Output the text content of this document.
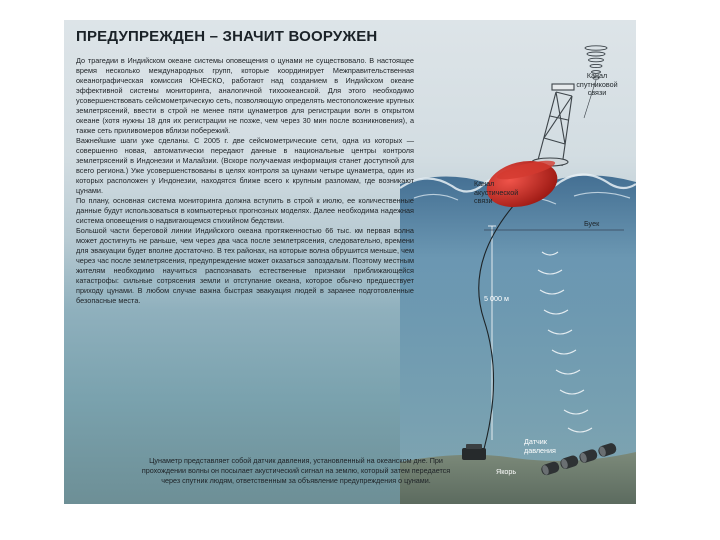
ПРЕДУПРЕЖДЕН – ЗНАЧИТ ВООРУЖЕН

До трагедии в Индийском океане системы оповещения о цунами не существовало. В настоящее время несколько международных групп, которые координирует Межправительственная океанографическая комиссия ЮНЕСКО, работают над созданием в Индийском океане эффективной системы мониторинга, аналогичной тихоокеанской. Для этого необходимо усовершенствовать сейсмометрическую сеть, позволяющую определять местоположение крупных землетрясений, ввести в строй не менее пяти цунаметров для регистрации волн в открытом океане (хотя нужны 18 для их регистрации не позже, чем через 30 мин после возникновения), а также сеть приливомеров вблизи побережий.

Важнейшие шаги уже сделаны. С 2005 г. две сейсмометрические сети, одна из которых — совершенно новая, автоматически передают данные в национальные центры контроля землетрясений в Индонезии и Малайзии. (Вскоре получаемая информация станет доступной для всего региона.) Уже усовершенствованы в целях контроля за цунами четыре цунаметра, один из которых расположен у Индонезии, находятся ближе всего к крупным разломам, где возникают цунами.

По плану, основная система мониторинга должна вступить в строй к июлю, ее количественные данные будут использоваться в компьютерных прогнозных моделях. Далее необходима надежная система оповещения о надвигающемся стихийном бедствии.

Большой части береговой линии Индийского океана протяженностью 66 тыс. км первая волна может достигнуть не раньше, чем через два часа после землетрясения, следовательно, времени для эвакуации будет вполне достаточно. В тех районах, на которые волна обрушится меньше, чем через час после землетрясения, предупреждение может оказаться запоздалым. Поэтому местным жителям необходимо научиться распознавать естественные признаки приближающейся катастрофы: сильные сотрясения земли и отступание океана, которое обычно предшествует приходу цунами. В любом случае важна быстрая эвакуация людей в заранее подготовленные безопасные места.

Канал спутниковой связи
Канал акустической связи
Буек
5 000 м
Датчик давления
Якорь
Цунаметр представляет собой датчик давления, установленный на океанском дне. При прохождении волны он посылает акустический сигнал на землю, который затем передается через спутник людям, ответственным за объявление предупреждения о цунами.
